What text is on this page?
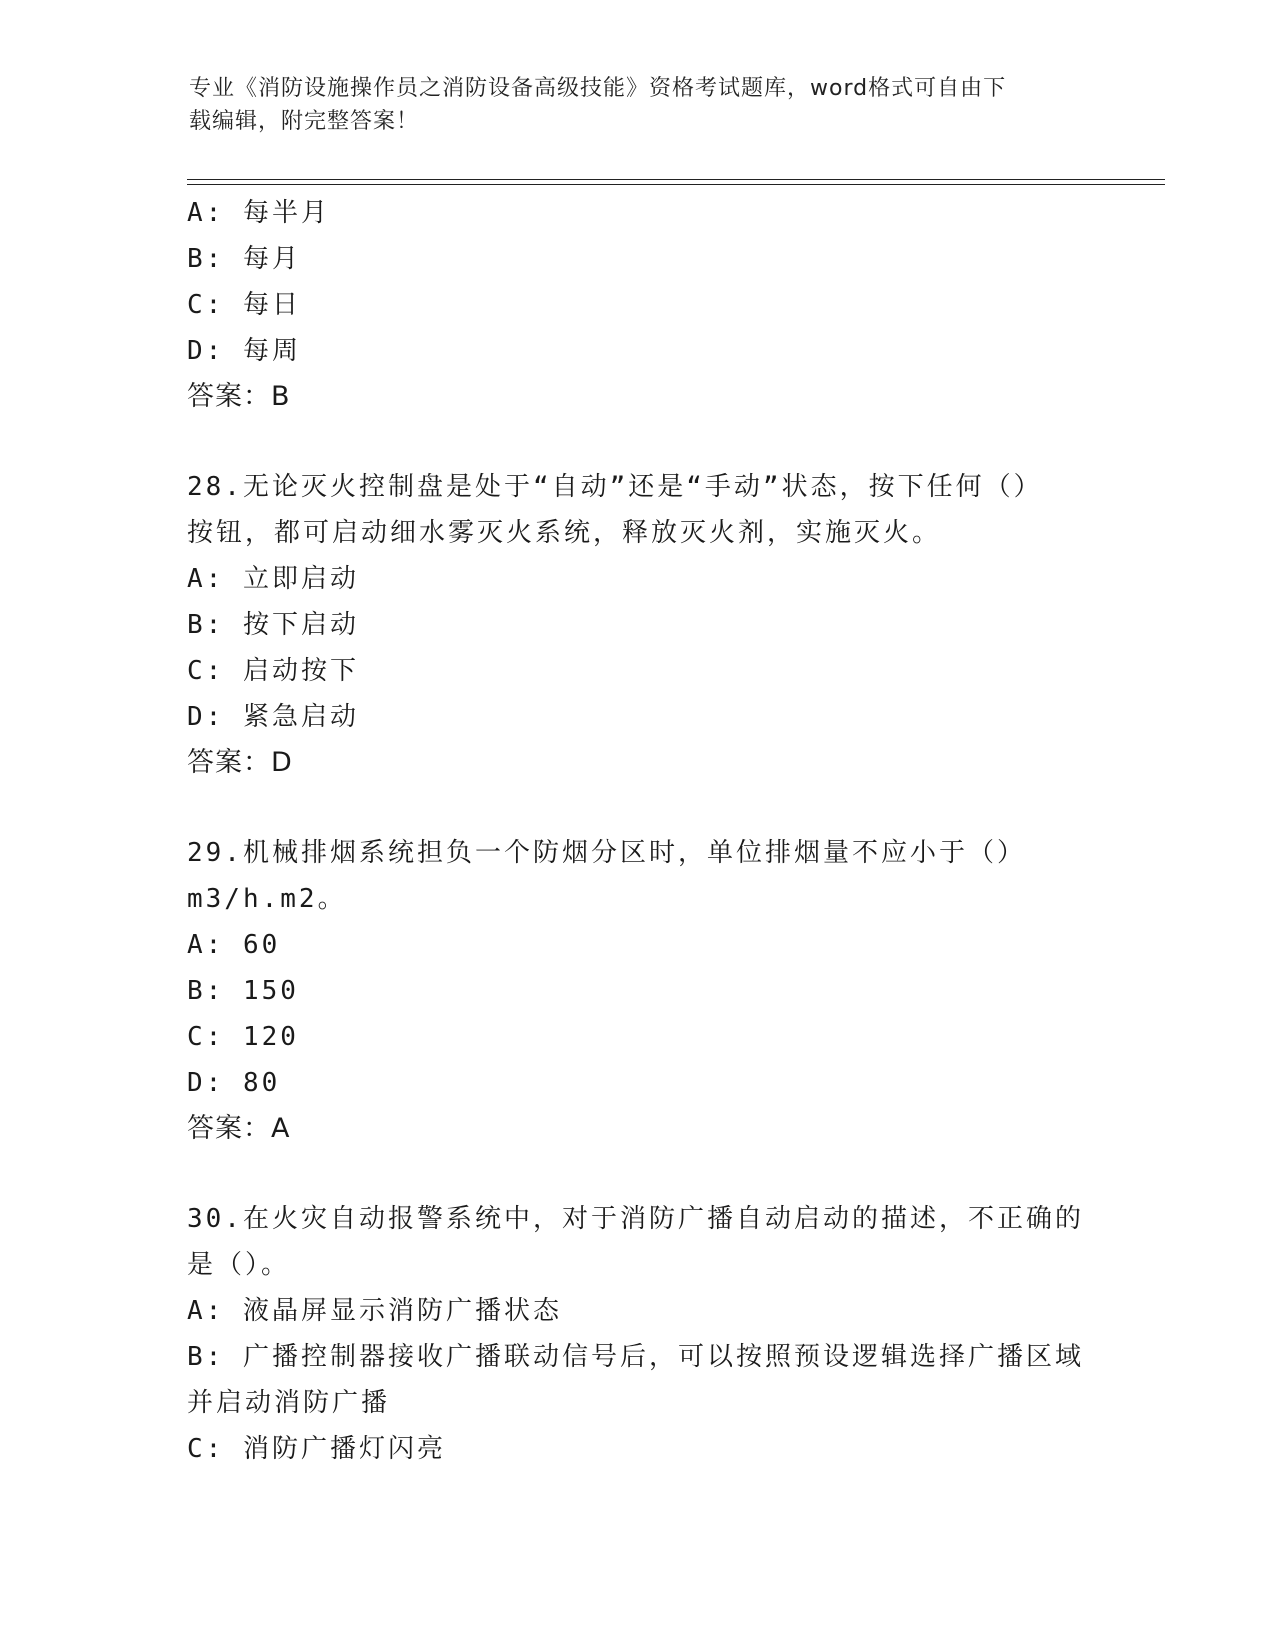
专业《消防设施操作员之消防设备高级技能》资格考试题库，word格式可自由下
载编辑，附完整答案！
A: 每半月
B: 每月
C: 每日
D: 每周
答案：B
28.无论灭火控制盘是处于“自动”还是“手动”状态，按下任何（）
按钮，都可启动细水雾灭火系统，释放灭火剂，实施灭火。
A: 立即启动
B: 按下启动
C: 启动按下
D: 紧急启动
答案：D
29.机械排烟系统担负一个防烟分区时，单位排烟量不应小于（）
m3/h.m2。
A: 60
B: 150
C: 120
D: 80
答案：A
30.在火灾自动报警系统中，对于消防广播自动启动的描述，不正确的
是（）。
A: 液晶屏显示消防广播状态
B: 广播控制器接收广播联动信号后，可以按照预设逻辑选择广播区域
并启动消防广播
C: 消防广播灯闪亮
